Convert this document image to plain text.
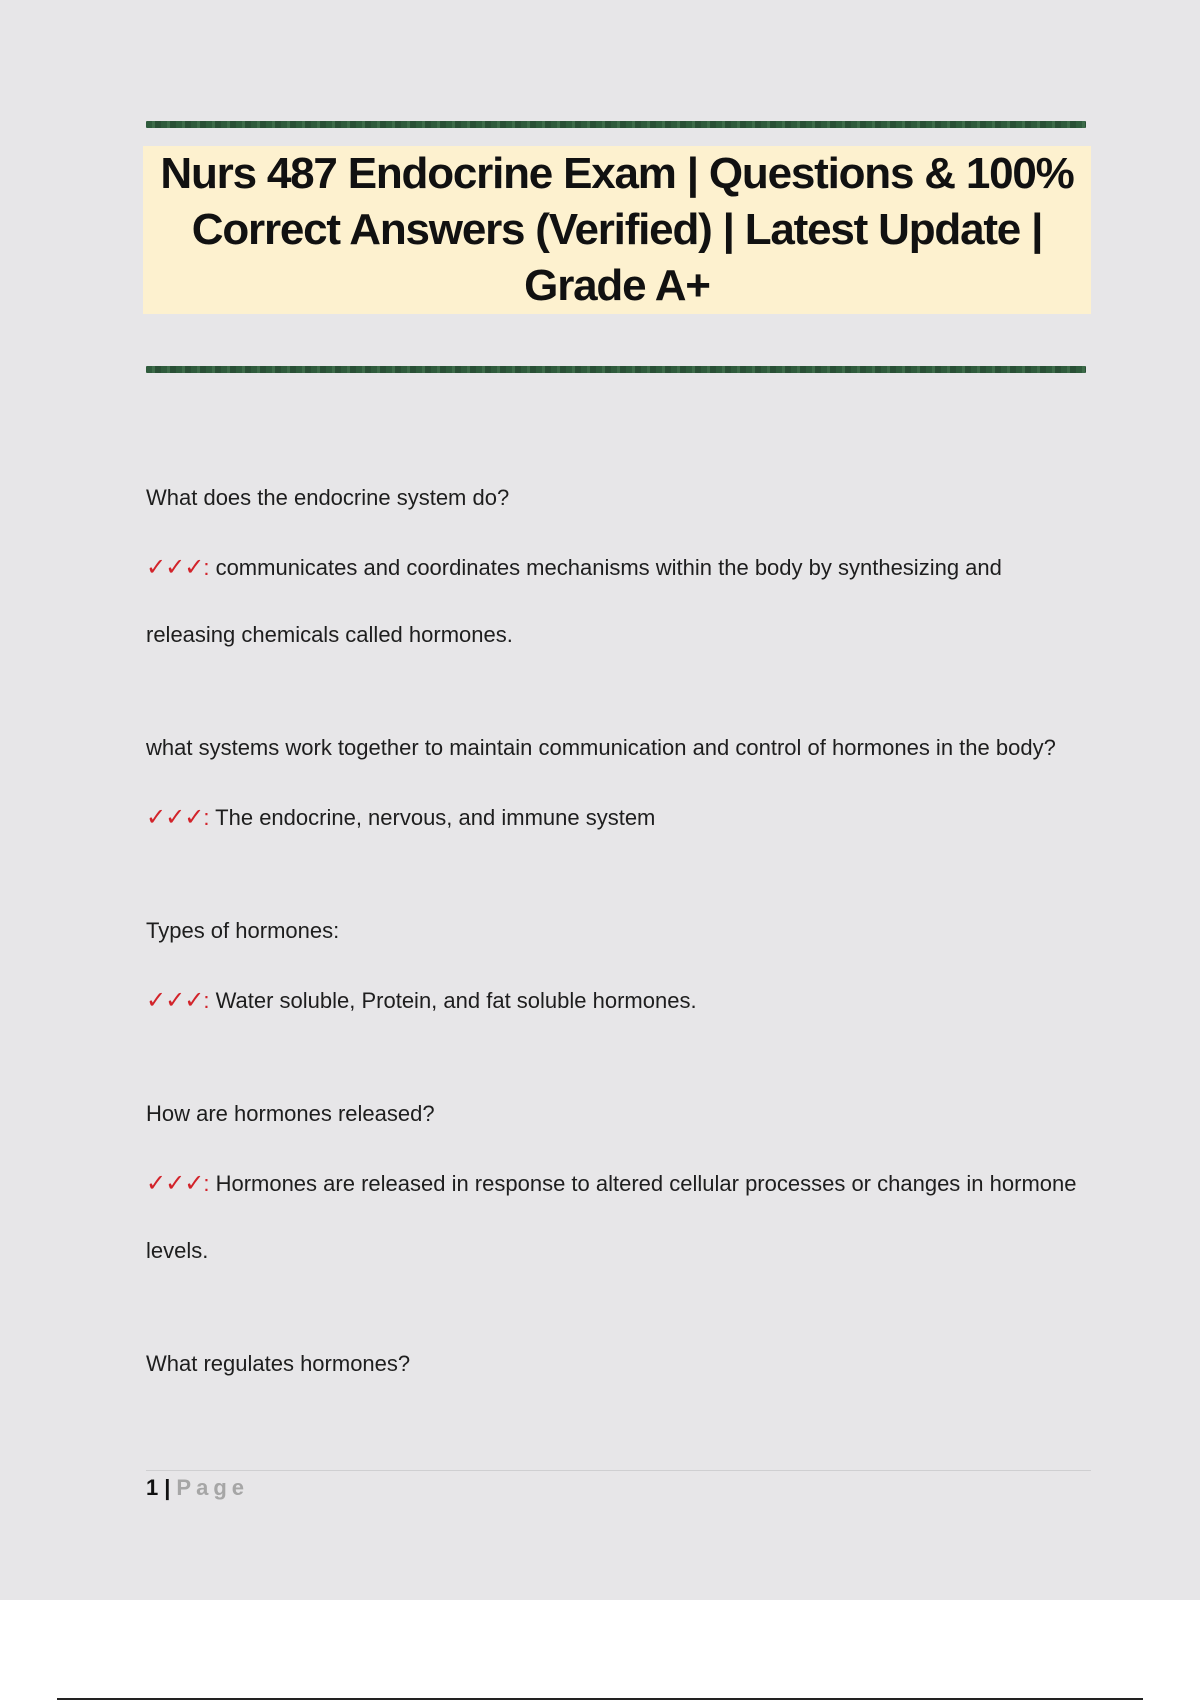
Nurs 487 Endocrine Exam | Questions & 100% Correct Answers (Verified) | Latest Update | Grade A+

What does the endocrine system do?

✓✓✓: communicates and coordinates mechanisms within the body by synthesizing and releasing chemicals called hormones.

what systems work together to maintain communication and control of hormones in the body?

✓✓✓: The endocrine, nervous, and immune system

Types of hormones:

✓✓✓: Water soluble, Protein, and fat soluble hormones.

How are hormones released?

✓✓✓: Hormones are released in response to altered cellular processes or changes in hormone levels.

What regulates hormones?

1 | Page
